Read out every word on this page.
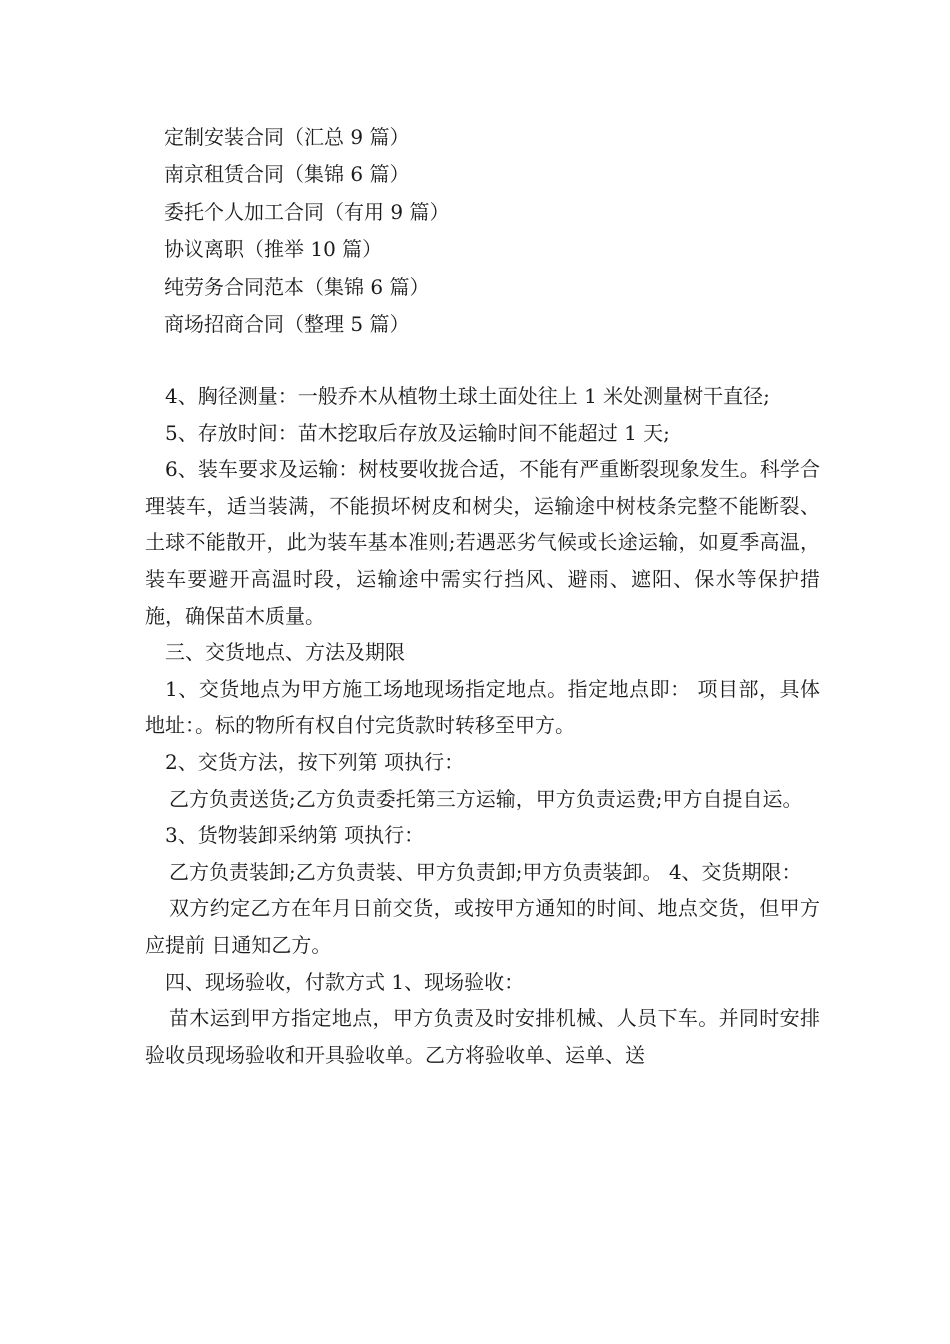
定制安装合同（汇总 9 篇）
南京租赁合同（集锦 6 篇）
委托个人加工合同（有用 9 篇）
协议离职（推举 10 篇）
纯劳务合同范本（集锦 6 篇）
商场招商合同（整理 5 篇）

4、胸径测量：一般乔木从植物土球土面处往上 1 米处测量树干直径;

5、存放时间：苗木挖取后存放及运输时间不能超过 1 天;

6、装车要求及运输：树枝要收拢合适，不能有严重断裂现象发生。科学合理装车，适当装满，不能损坏树皮和树尖，运输途中树枝条完整不能断裂、土球不能散开，此为装车基本准则;若遇恶劣气候或长途运输，如夏季高温，装车要避开高温时段，运输途中需实行挡风、避雨、遮阳、保水等保护措施，确保苗木质量。

三、交货地点、方法及期限

1、交货地点为甲方施工场地现场指定地点。指定地点即： 项目部，具体地址：。标的物所有权自付完货款时转移至甲方。

2、交货方法，按下列第 项执行：

乙方负责送货;乙方负责委托第三方运输，甲方负责运费;甲方自提自运。

3、货物装卸采纳第 项执行：

乙方负责装卸;乙方负责装、甲方负责卸;甲方负责装卸。 4、交货期限：

双方约定乙方在年月日前交货，或按甲方通知的时间、地点交货，但甲方应提前 日通知乙方。

四、现场验收，付款方式 1、现场验收：

苗木运到甲方指定地点，甲方负责及时安排机械、人员下车。并同时安排验收员现场验收和开具验收单。乙方将验收单、运单、送
